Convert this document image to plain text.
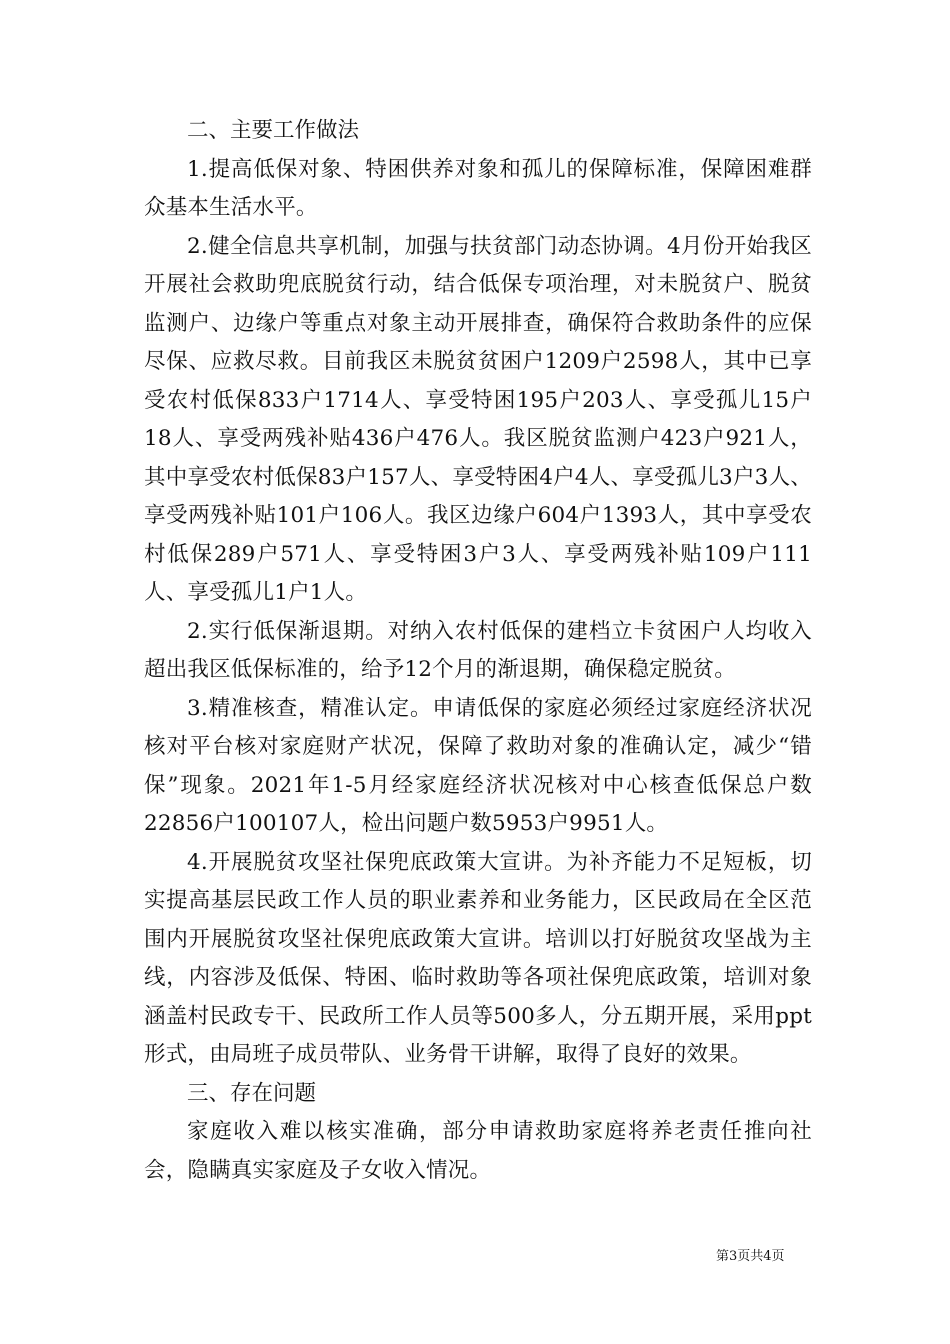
二、主要工作做法

1.提高低保对象、特困供养对象和孤儿的保障标准，保障困难群众基本生活水平。

2.健全信息共享机制，加强与扶贫部门动态协调。4月份开始我区开展社会救助兜底脱贫行动，结合低保专项治理，对未脱贫户、脱贫监测户、边缘户等重点对象主动开展排查，确保符合救助条件的应保尽保、应救尽救。目前我区未脱贫贫困户1209户2598人，其中已享受农村低保833户1714人、享受特困195户203人、享受孤儿15户18人、享受两残补贴436户476人。我区脱贫监测户423户921人，其中享受农村低保83户157人、享受特困4户4人、享受孤儿3户3人、享受两残补贴101户106人。我区边缘户604户1393人，其中享受农村低保289户571人、享受特困3户3人、享受两残补贴109户111人、享受孤儿1户1人。

2.实行低保渐退期。对纳入农村低保的建档立卡贫困户人均收入超出我区低保标准的，给予12个月的渐退期，确保稳定脱贫。

3.精准核查，精准认定。申请低保的家庭必须经过家庭经济状况核对平台核对家庭财产状况，保障了救助对象的准确认定，减少“错保”现象。2021年1-5月经家庭经济状况核对中心核查低保总户数22856户100107人，检出问题户数5953户9951人。

4.开展脱贫攻坚社保兜底政策大宣讲。为补齐能力不足短板，切实提高基层民政工作人员的职业素养和业务能力，区民政局在全区范围内开展脱贫攻坚社保兜底政策大宣讲。培训以打好脱贫攻坚战为主线，内容涉及低保、特困、临时救助等各项社保兜底政策，培训对象涵盖村民政专干、民政所工作人员等500多人，分五期开展，采用ppt形式，由局班子成员带队、业务骨干讲解，取得了良好的效果。

三、存在问题

家庭收入难以核实准确，部分申请救助家庭将养老责任推向社会，隐瞒真实家庭及子女收入情况。

第3页共4页
